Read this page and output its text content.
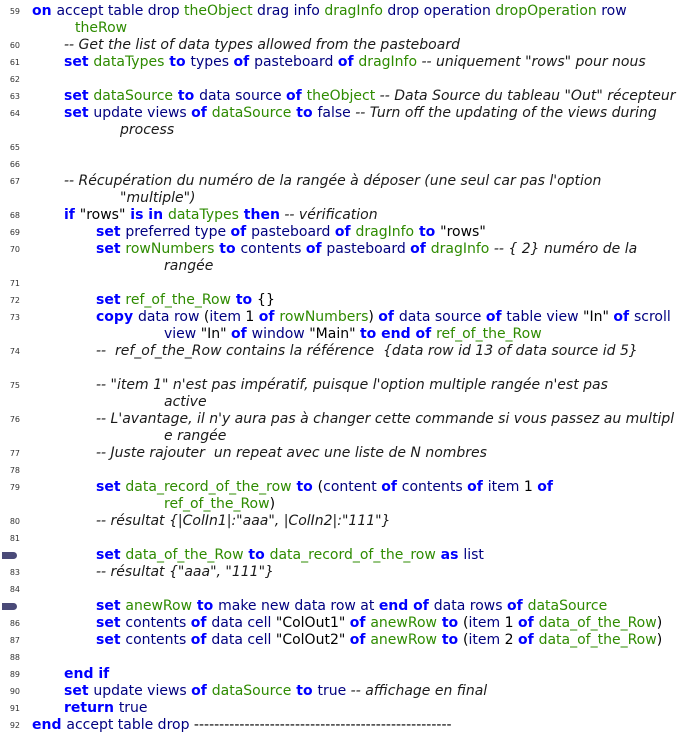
59 on accept table drop theObject drag info dragInfo drop operation dropOperation row
theRow
60	-- Get the list of data types allowed from the pasteboard
61	set dataTypes to types of pasteboard of dragInfo -- uniquement "rows" pour nous
62
63	set dataSource to data source of theObject -- Data Source du tableau "Out" récepteur
64	set update views of dataSource to false -- Turn off the updating of the views during
process
65
66
67	-- Récupération du numéro de la rangée à déposer (une seul car pas l'option
"multiple")
68	if "rows" is in dataTypes then -- vérification
69	set preferred type of pasteboard of dragInfo to "rows"
70	set rowNumbers to contents of pasteboard of dragInfo -- { 2} numéro de la
rangée
71
72	set ref_of_the_Row to {}
73	copy data row (item 1 of rowNumbers) of data source of table view "In" of scroll
view "In" of window "Main" to end of ref_of_the_Row
74	--  ref_of_the_Row contains la référence  {data row id 13 of data source id 5}
75	-- "item 1" n'est pas impératif, puisque l'option multiple rangée n'est pas
active
76	-- L'avantage, il n'y aura pas à changer cette commande si vous passez au multipl
e rangée
77	-- Juste rajouter  un repeat avec une liste de N nombres
78
79	set data_record_of_the_row to (content of contents of item 1 of
ref_of_the_Row)
80	-- résultat {|ColIn1|:"aaa", |ColIn2|:"111"}
81
set data_of_the_Row to data_record_of_the_row as list
83	-- résultat {"aaa", "111"}
84
set anewRow to make new data row at end of data rows of dataSource
86	set contents of data cell "ColOut1" of anewRow to (item 1 of data_of_the_Row)
87	set contents of data cell "ColOut2" of anewRow to (item 2 of data_of_the_Row)
88
89	end if
90	set update views of dataSource to true -- affichage en final
91	return true
92 end accept table drop ---------------------------------------------------
